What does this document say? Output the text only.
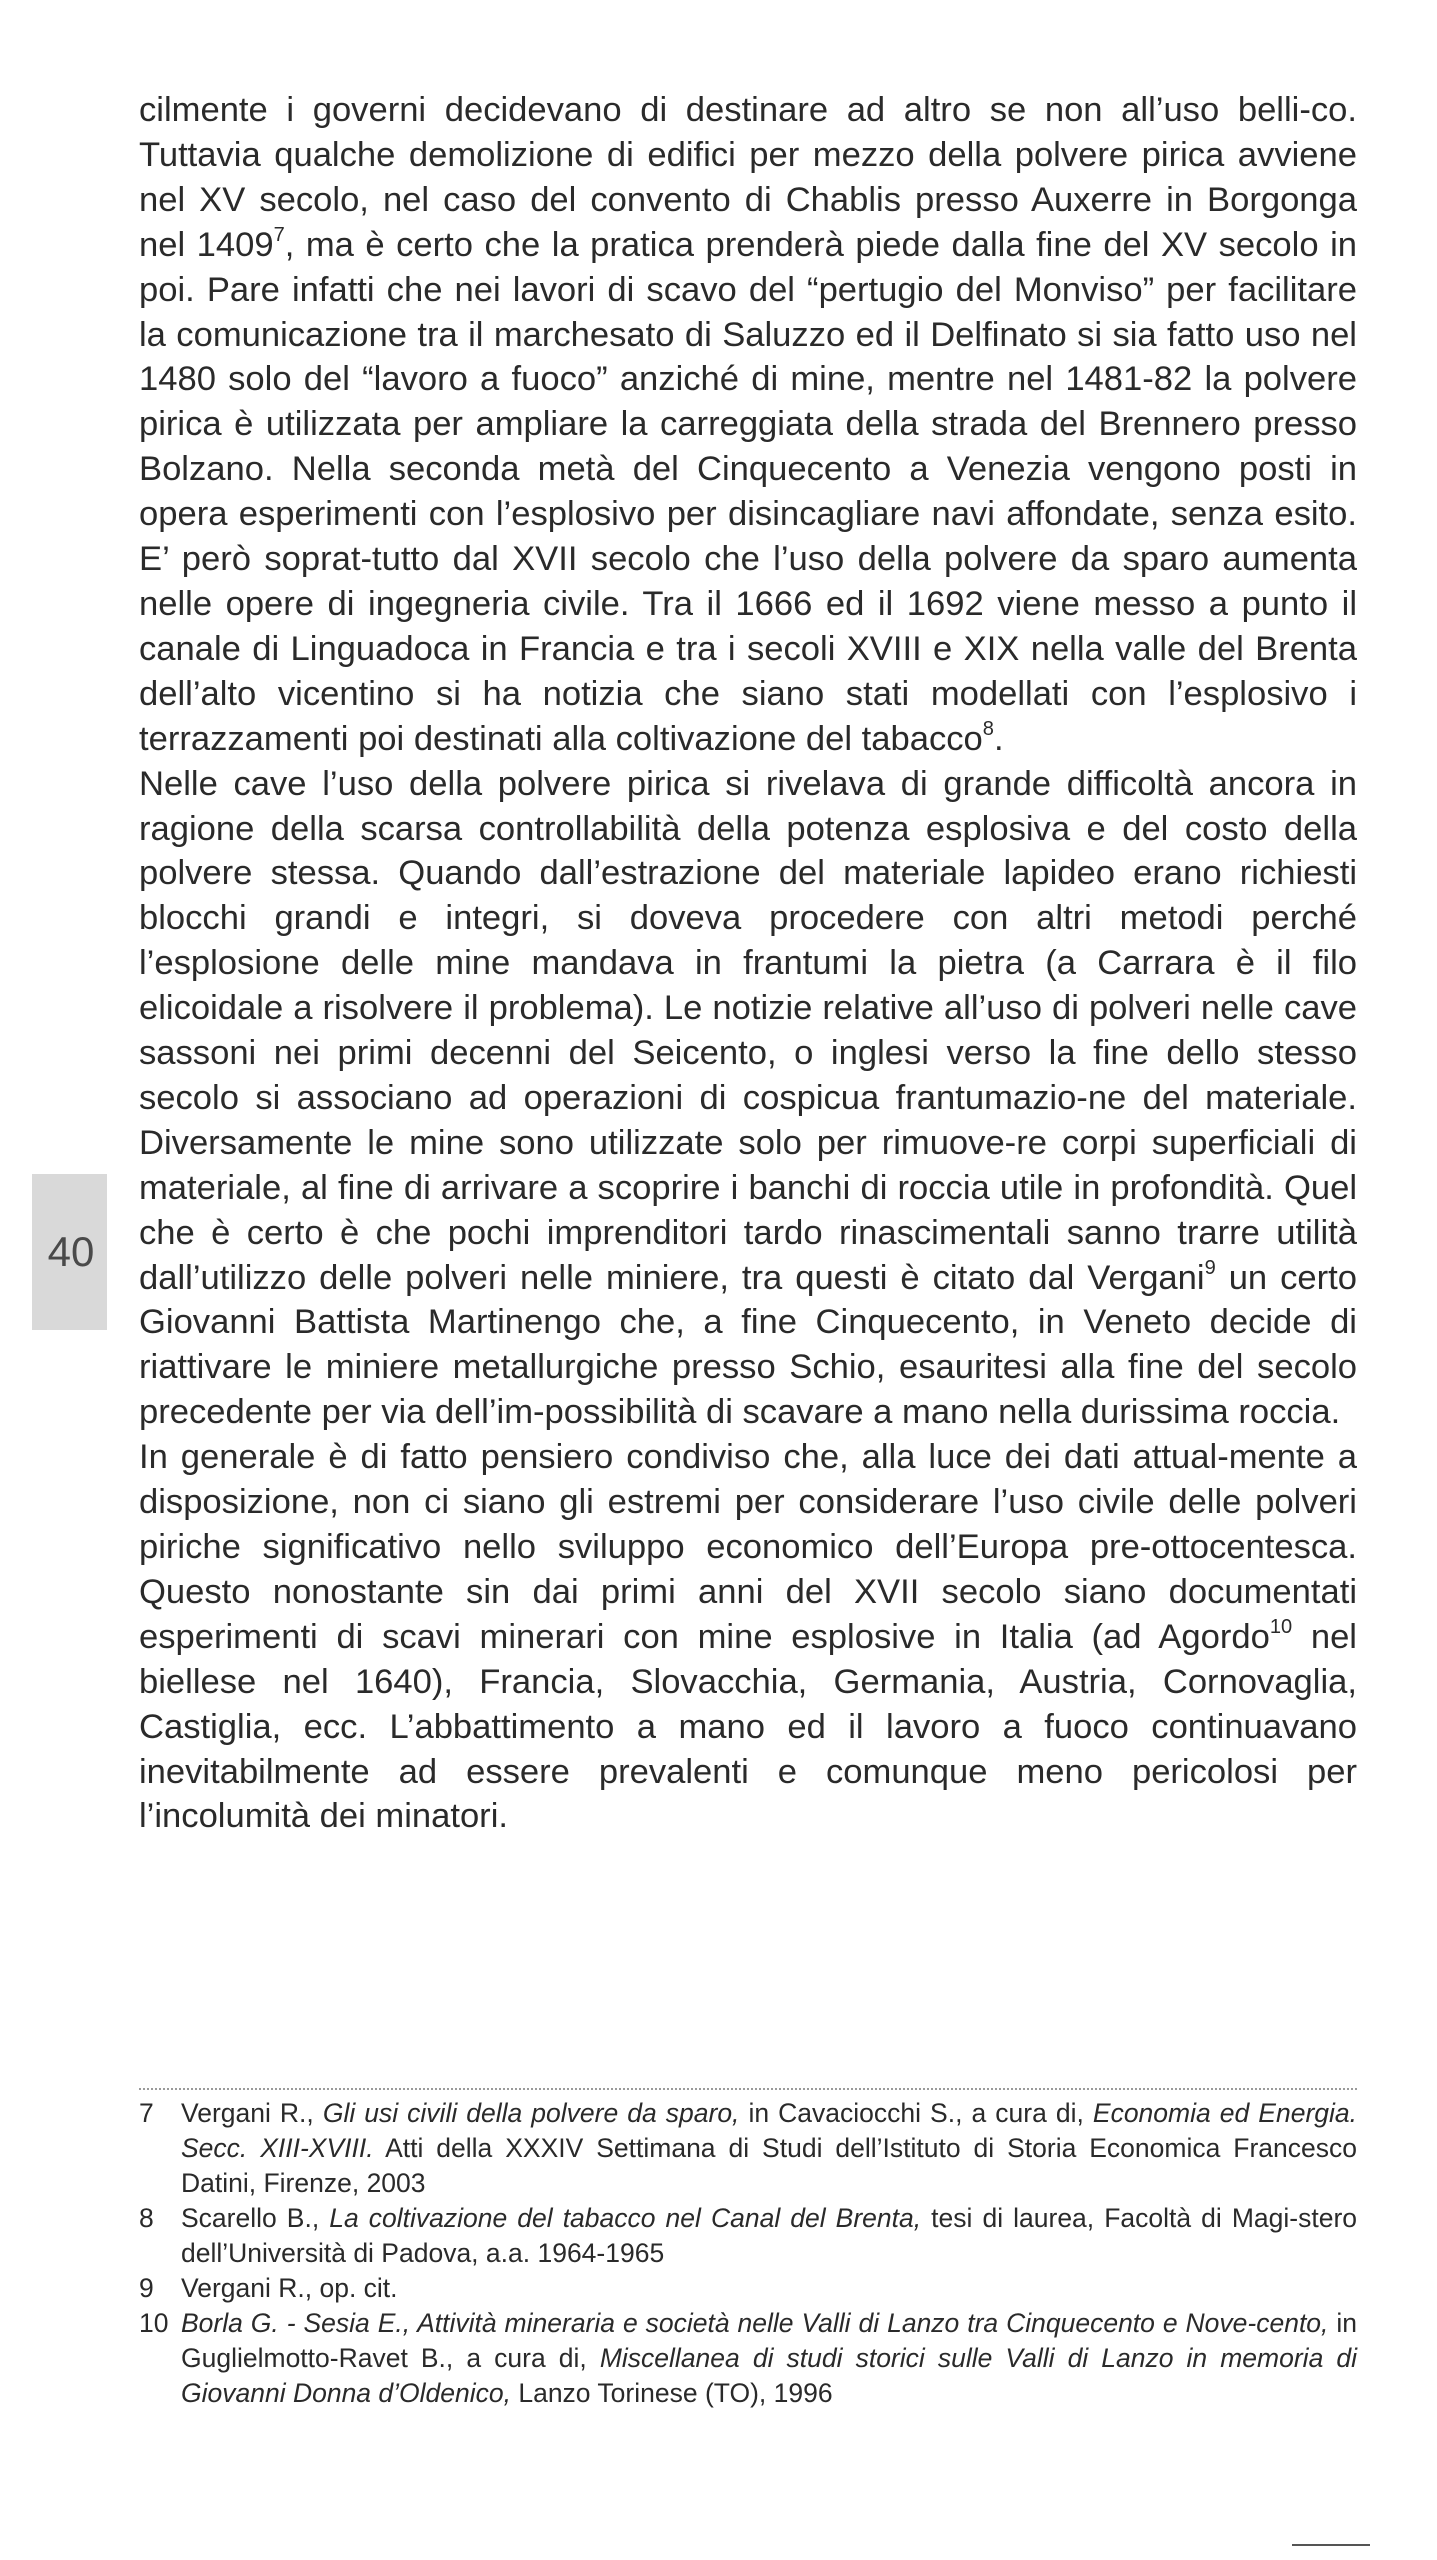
40

cilmente i governi decidevano di destinare ad altro se non all’uso belli-co. Tuttavia qualche demolizione di edifici per mezzo della polvere pirica avviene nel XV secolo, nel caso del convento di Chablis presso Auxerre in Borgonga nel 1409$^7$, ma è certo che la pratica prenderà piede dalla fine del XV secolo in poi. Pare infatti che nei lavori di scavo del “pertugio del Monviso” per facilitare la comunicazione tra il marchesato di Saluzzo ed il Delfinato si sia fatto uso nel 1480 solo del “lavoro a fuoco” anziché di mine, mentre nel 1481-82 la polvere pirica è utilizzata per ampliare la carreggiata della strada del Brennero presso Bolzano. Nella seconda metà del Cinquecento a Venezia vengono posti in opera esperimenti con l’esplosivo per disincagliare navi affondate, senza esito. E’ però soprat-tutto dal XVII secolo che l’uso della polvere da sparo aumenta nelle opere di ingegneria civile. Tra il 1666 ed il 1692 viene messo a punto il canale di Linguadoca in Francia e tra i secoli XVIII e XIX nella valle del Brenta dell’alto vicentino si ha notizia che siano stati modellati con l’esplosivo i terrazzamenti poi destinati alla coltivazione del tabacco$^8$.

Nelle cave l’uso della polvere pirica si rivelava di grande difficoltà ancora in ragione della scarsa controllabilità della potenza esplosiva e del costo della polvere stessa. Quando dall’estrazione del materiale lapideo erano richiesti blocchi grandi e integri, si doveva procedere con altri metodi perché l’esplosione delle mine mandava in frantumi la pietra (a Carrara è il filo elicoidale a risolvere il problema). Le notizie relative all’uso di polveri nelle cave sassoni nei primi decenni del Seicento, o inglesi verso la fine dello stesso secolo si associano ad operazioni di cospicua frantumazio-ne del materiale. Diversamente le mine sono utilizzate solo per rimuove-re corpi superficiali di materiale, al fine di arrivare a scoprire i banchi di roccia utile in profondità. Quel che è certo è che pochi imprenditori tardo rinascimentali sanno trarre utilità dall’utilizzo delle polveri nelle miniere, tra questi è citato dal Vergani$^9$ un certo Giovanni Battista Martinengo che, a fine Cinquecento, in Veneto decide di riattivare le miniere metallurgiche presso Schio, esauritesi alla fine del secolo precedente per via dell’im-possibilità di scavare a mano nella durissima roccia.

In generale è di fatto pensiero condiviso che, alla luce dei dati attual-mente a disposizione, non ci siano gli estremi per considerare l’uso civile delle polveri piriche significativo nello sviluppo economico dell’Europa pre-ottocentesca. Questo nonostante sin dai primi anni del XVII secolo siano documentati esperimenti di scavi minerari con mine esplosive in Italia (ad Agordo$^{10}$ nel biellese nel 1640), Francia, Slovacchia, Germania, Austria, Cornovaglia, Castiglia, ecc. L’abbattimento a mano ed il lavoro a fuoco continuavano inevitabilmente ad essere prevalenti e comunque meno pericolosi per l’incolumità dei minatori.

7 Vergani R., Gli usi civili della polvere da sparo, in Cavaciocchi S., a cura di, Economia ed Energia. Secc. XIII-XVIII. Atti della XXXIV Settimana di Studi dell’Istituto di Storia Economica Francesco Datini, Firenze, 2003
8 Scarello B., La coltivazione del tabacco nel Canal del Brenta, tesi di laurea, Facoltà di Magi-stero dell’Università di Padova, a.a. 1964-1965
9 Vergani R., op. cit.
10 Borla G. - Sesia E., Attività mineraria e società nelle Valli di Lanzo tra Cinquecento e Nove-cento, in Guglielmotto-Ravet B., a cura di, Miscellanea di studi storici sulle Valli di Lanzo in memoria di Giovanni Donna d’Oldenico, Lanzo Torinese (TO), 1996
